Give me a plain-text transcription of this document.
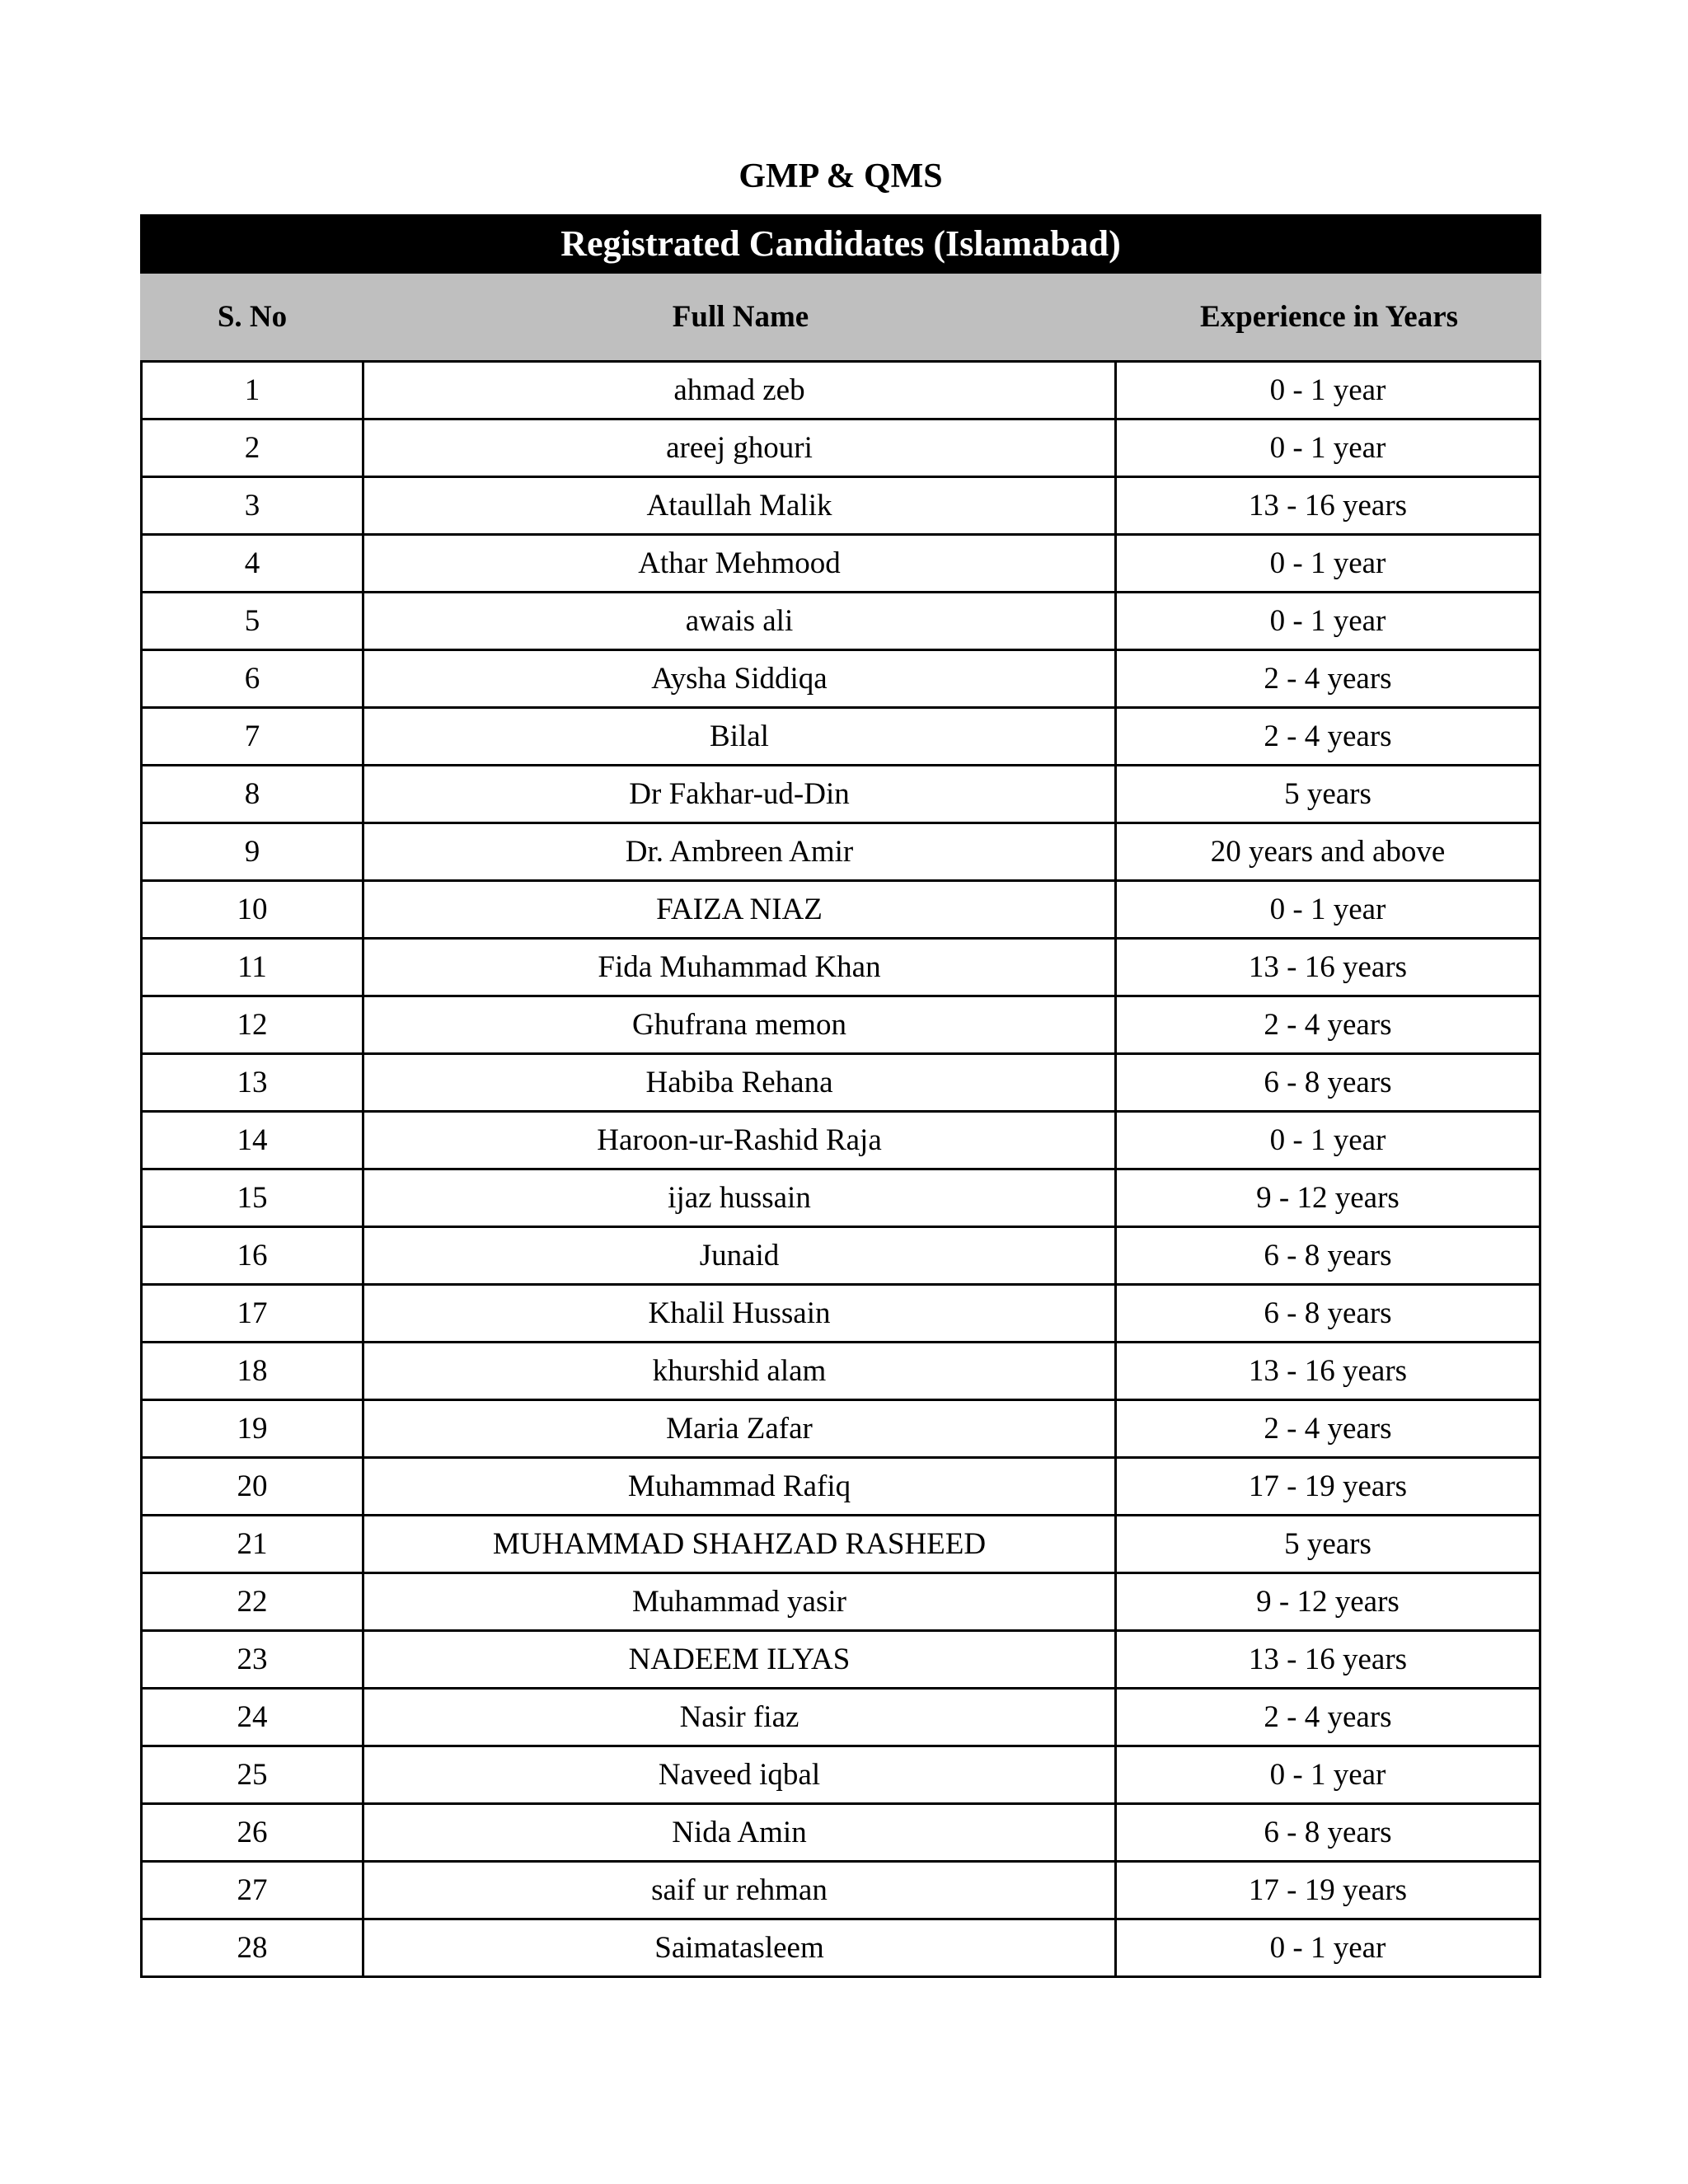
GMP & QMS
Registrated Candidates (Islamabad)
S. No	Full Name	Experience in Years
1	ahmad zeb	0 - 1 year
2	areej ghouri	0 - 1 year
3	Ataullah Malik	13 - 16 years
4	Athar Mehmood	0 - 1 year
5	awais ali	0 - 1 year
6	Aysha Siddiqa	2 - 4 years
7	Bilal	2 - 4 years
8	Dr Fakhar-ud-Din	5 years
9	Dr. Ambreen Amir	20 years and above
10	FAIZA NIAZ	0 - 1 year
11	Fida Muhammad Khan	13 - 16 years
12	Ghufrana memon	2 - 4 years
13	Habiba Rehana	6 - 8 years
14	Haroon-ur-Rashid Raja	0 - 1 year
15	ijaz hussain	9 - 12 years
16	Junaid	6 - 8 years
17	Khalil Hussain	6 - 8 years
18	khurshid alam	13 - 16 years
19	Maria Zafar	2 - 4 years
20	Muhammad Rafiq	17 - 19 years
21	MUHAMMAD SHAHZAD RASHEED	5 years
22	Muhammad yasir	9 - 12 years
23	NADEEM ILYAS	13 - 16 years
24	Nasir fiaz	2 - 4 years
25	Naveed iqbal	0 - 1 year
26	Nida Amin	6 - 8 years
27	saif ur rehman	17 - 19 years
28	Saimatasleem	0 - 1 year
